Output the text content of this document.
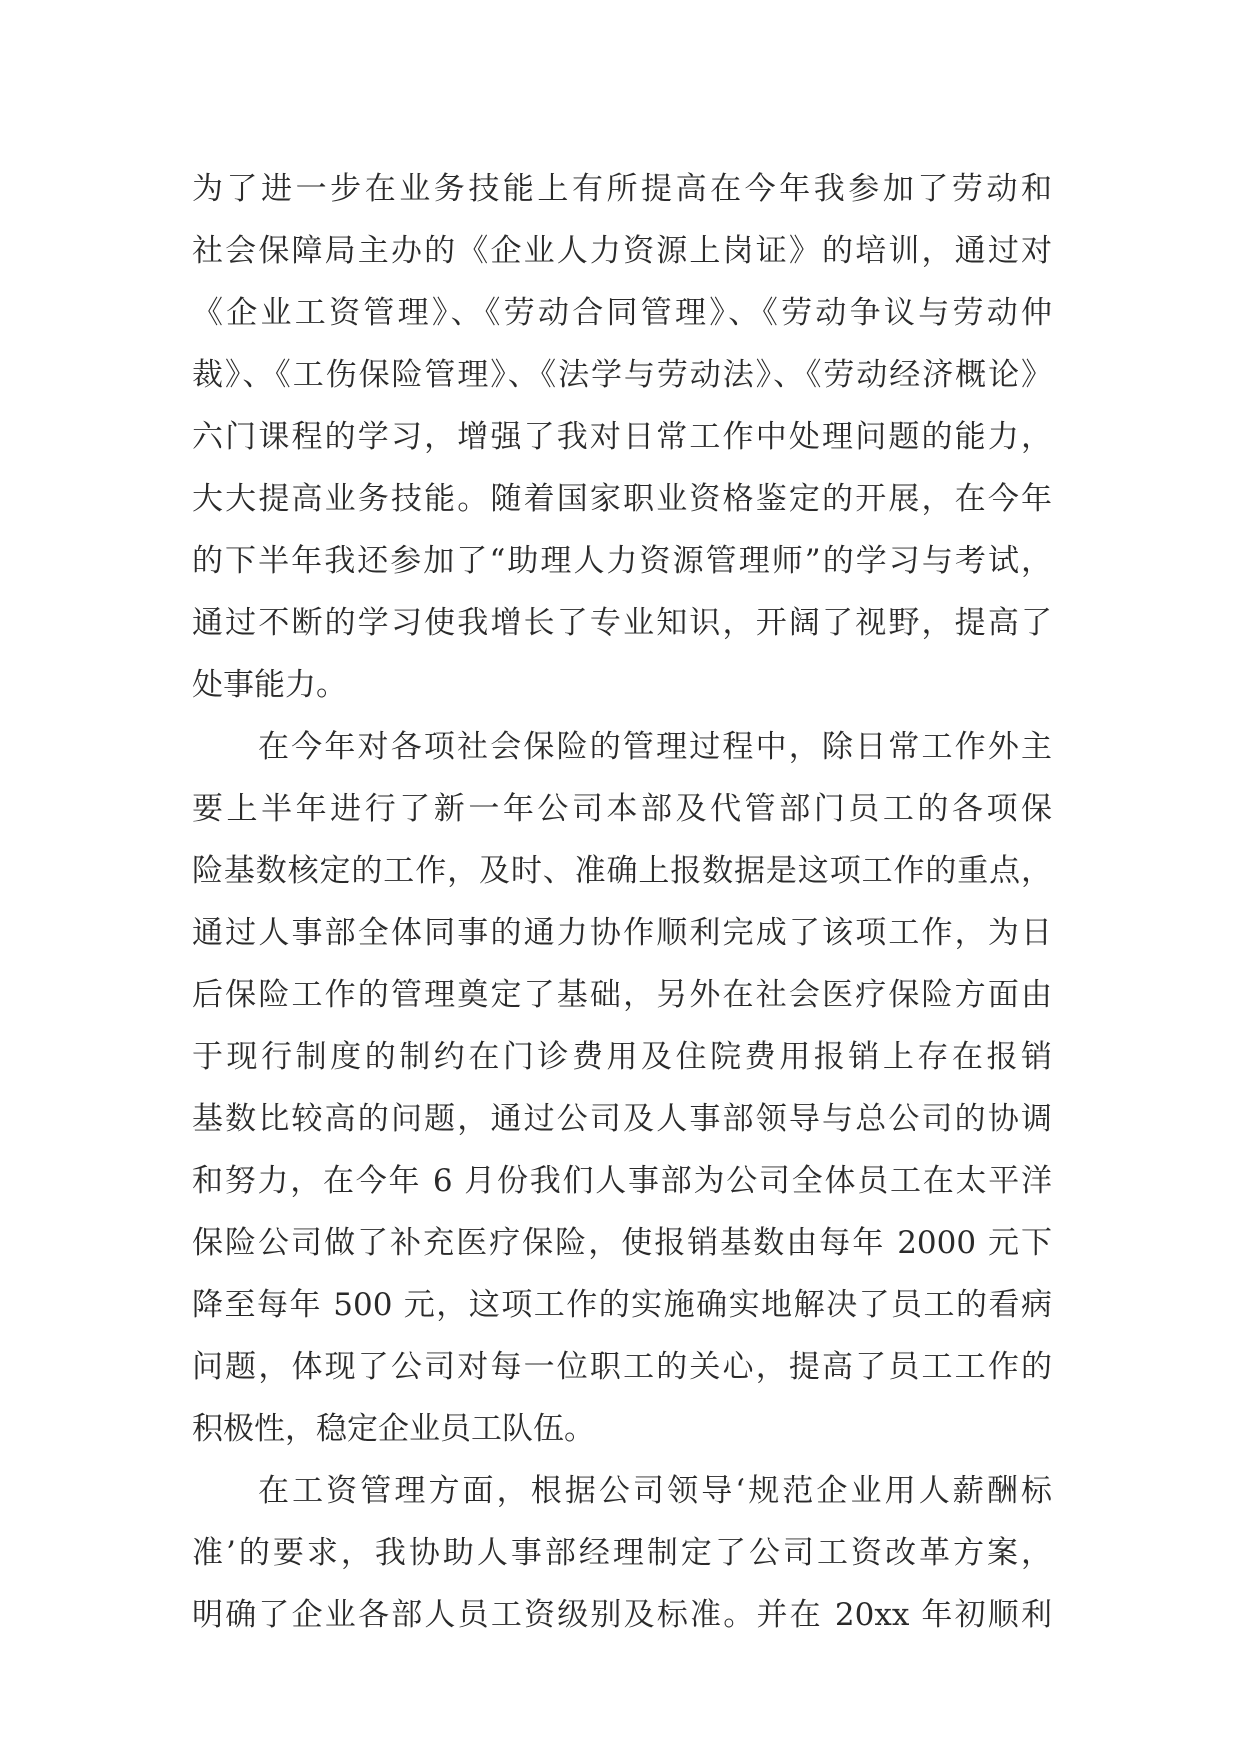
为了进一步在业务技能上有所提高在今年我参加了劳动和
社会保障局主办的《企业人力资源上岗证》的培训，通过对
《企业工资管理》、《劳动合同管理》、《劳动争议与劳动仲
裁》、《工伤保险管理》、《法学与劳动法》、《劳动经济概论》
六门课程的学习，增强了我对日常工作中处理问题的能力，
大大提高业务技能。随着国家职业资格鉴定的开展，在今年
的下半年我还参加了“助理人力资源管理师”的学习与考试，
通过不断的学习使我增长了专业知识，开阔了视野，提高了
处事能力。
在今年对各项社会保险的管理过程中，除日常工作外主
要上半年进行了新一年公司本部及代管部门员工的各项保
险基数核定的工作，及时、准确上报数据是这项工作的重点，
通过人事部全体同事的通力协作顺利完成了该项工作，为日
后保险工作的管理奠定了基础，另外在社会医疗保险方面由
于现行制度的制约在门诊费用及住院费用报销上存在报销
基数比较高的问题，通过公司及人事部领导与总公司的协调
和努力，在今年 6 月份我们人事部为公司全体员工在太平洋
保险公司做了补充医疗保险，使报销基数由每年 2000 元下
降至每年 500 元，这项工作的实施确实地解决了员工的看病
问题，体现了公司对每一位职工的关心，提高了员工工作的
积极性，稳定企业员工队伍。
在工资管理方面，根据公司领导‘规范企业用人薪酬标
准’的要求，我协助人事部经理制定了公司工资改革方案，
明确了企业各部人员工资级别及标准。并在 20xx 年初顺利
